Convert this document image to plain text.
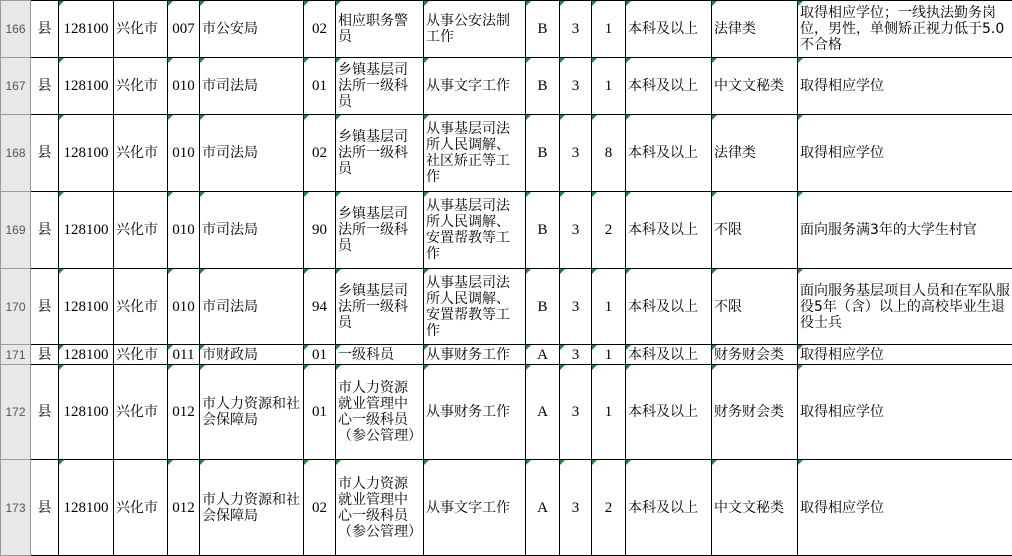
166	县	128100	兴化市	007	市公安局	02	相应职务警员	从事公安法制工作	B	3	1	本科及以上	法律类	取得相应学位；一线执法勤务岗位，男性，单侧矫正视力低于5.0不合格
167	县	128100	兴化市	010	市司法局	01	乡镇基层司法所一级科员	从事文字工作	B	3	1	本科及以上	中文文秘类	取得相应学位
168	县	128100	兴化市	010	市司法局	02	乡镇基层司法所一级科员	从事基层司法所人民调解、社区矫正等工作	B	3	8	本科及以上	法律类	取得相应学位
169	县	128100	兴化市	010	市司法局	90	乡镇基层司法所一级科员	从事基层司法所人民调解、安置帮教等工作	B	3	2	本科及以上	不限	面向服务满3年的大学生村官
170	县	128100	兴化市	010	市司法局	94	乡镇基层司法所一级科员	从事基层司法所人民调解、安置帮教等工作	B	3	1	本科及以上	不限	面向服务基层项目人员和在军队服役5年（含）以上的高校毕业生退役士兵
171	县	128100	兴化市	011	市财政局	01	一级科员	从事财务工作	A	3	1	本科及以上	财务财会类	取得相应学位
172	县	128100	兴化市	012	市人力资源和社会保障局	01	市人力资源就业管理中心一级科员（参公管理）	从事财务工作	A	3	1	本科及以上	财务财会类	取得相应学位
173	县	128100	兴化市	012	市人力资源和社会保障局	02	市人力资源就业管理中心一级科员（参公管理）	从事文字工作	A	3	2	本科及以上	中文文秘类	取得相应学位
